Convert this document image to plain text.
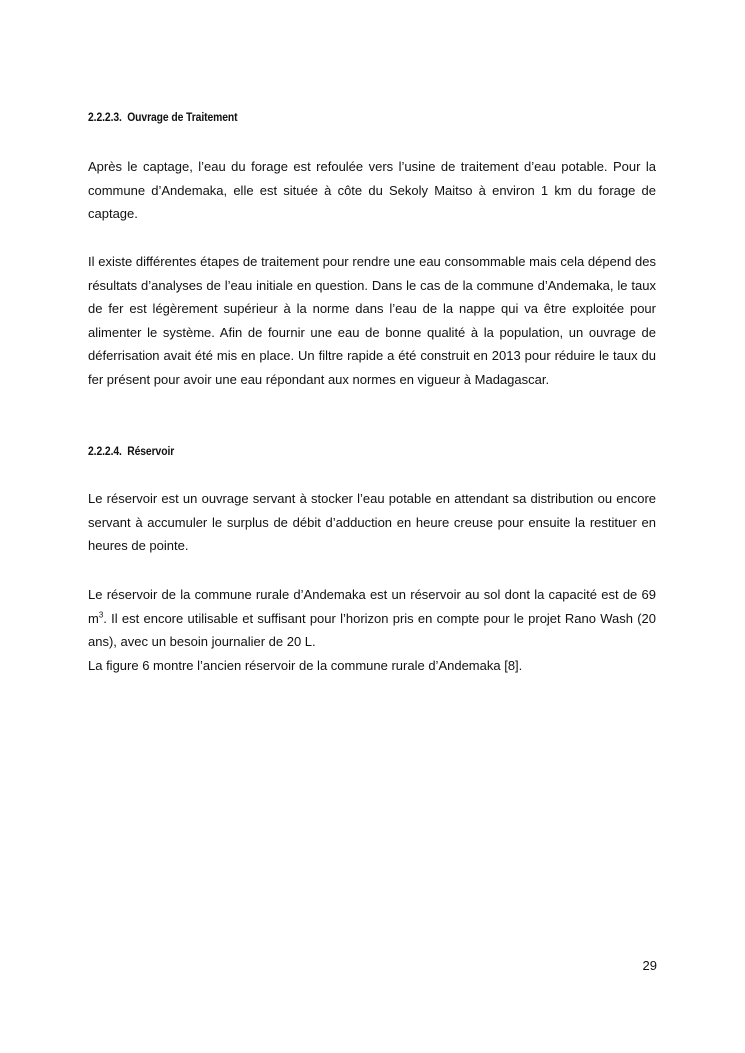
2.2.2.3. Ouvrage de Traitement

Après le captage, l’eau du forage est refoulée vers l’usine de traitement d’eau potable. Pour la commune d’Andemaka, elle est située à côte du Sekoly Maitso à environ 1 km du forage de captage.

Il existe différentes étapes de traitement pour rendre une eau consommable mais cela dépend des résultats d’analyses de l’eau initiale en question. Dans le cas de la commune d’Andemaka, le taux de fer est légèrement supérieur à la norme dans l’eau de la nappe qui va être exploitée pour alimenter le système. Afin de fournir une eau de bonne qualité à la population, un ouvrage de déferrisation avait été mis en place. Un filtre rapide a été construit en 2013 pour réduire le taux du fer présent pour avoir une eau répondant aux normes en vigueur à Madagascar.

2.2.2.4. Réservoir

Le réservoir est un ouvrage servant à stocker l’eau potable en attendant sa distribution ou encore servant à accumuler le surplus de débit d’adduction en heure creuse pour ensuite la restituer en heures de pointe.

Le réservoir de la commune rurale d’Andemaka est un réservoir au sol dont la capacité est de 69 $m^3$. Il est encore utilisable et suffisant pour l’horizon pris en compte pour le projet Rano Wash (20 ans), avec un besoin journalier de 20 L.

La figure 6 montre l’ancien réservoir de la commune rurale d’Andemaka [8].

29
